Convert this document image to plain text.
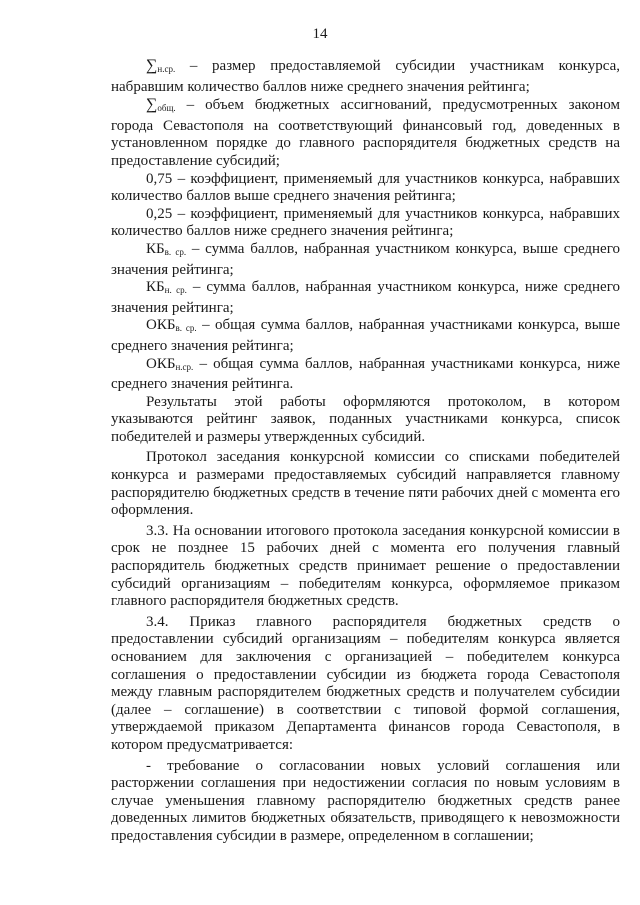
14

$\sum_{н.ср.}$ – размер предоставляемой субсидии участникам конкурса, набравшим количество баллов ниже среднего значения рейтинга;

$\sum_{общ.}$ – объем бюджетных ассигнований, предусмотренных законом города Севастополя на соответствующий финансовый год, доведенных в установленном порядке до главного распорядителя бюджетных средств на предоставление субсидий;

0,75 – коэффициент, применяемый для участников конкурса, набравших количество баллов выше среднего значения рейтинга;

0,25 – коэффициент, применяемый для участников конкурса, набравших количество баллов ниже среднего значения рейтинга;

$КБ_{в. ср.}$ – сумма баллов, набранная участником конкурса, выше среднего значения рейтинга;

$КБ_{н. ср.}$ – сумма баллов, набранная участником конкурса, ниже среднего значения рейтинга;

$ОКБ_{в. ср.}$ – общая сумма баллов, набранная участниками конкурса, выше среднего значения рейтинга;

$ОКБ_{н.ср.}$ – общая сумма баллов, набранная участниками конкурса, ниже среднего значения рейтинга.

Результаты этой работы оформляются протоколом, в котором указываются рейтинг заявок, поданных участниками конкурса, список победителей и размеры утвержденных субсидий.

Протокол заседания конкурсной комиссии со списками победителей конкурса и размерами предоставляемых субсидий направляется главному распорядителю бюджетных средств в течение пяти рабочих дней с момента его оформления.

3.3. На основании итогового протокола заседания конкурсной комиссии в срок не позднее 15 рабочих дней с момента его получения главный распорядитель бюджетных средств принимает решение о предоставлении субсидий организациям – победителям конкурса, оформляемое приказом главного распорядителя бюджетных средств.

3.4. Приказ главного распорядителя бюджетных средств о предоставлении субсидий организациям – победителям конкурса является основанием для заключения с организацией – победителем конкурса соглашения о предоставлении субсидии из бюджета города Севастополя между главным распорядителем бюджетных средств и получателем субсидии (далее – соглашение) в соответствии с типовой формой соглашения, утверждаемой приказом Департамента финансов города Севастополя, в котором предусматривается:

- требование о согласовании новых условий соглашения или расторжении соглашения при недостижении согласия по новым условиям в случае уменьшения главному распорядителю бюджетных средств ранее доведенных лимитов бюджетных обязательств, приводящего к невозможности предоставления субсидии в размере, определенном в соглашении;
